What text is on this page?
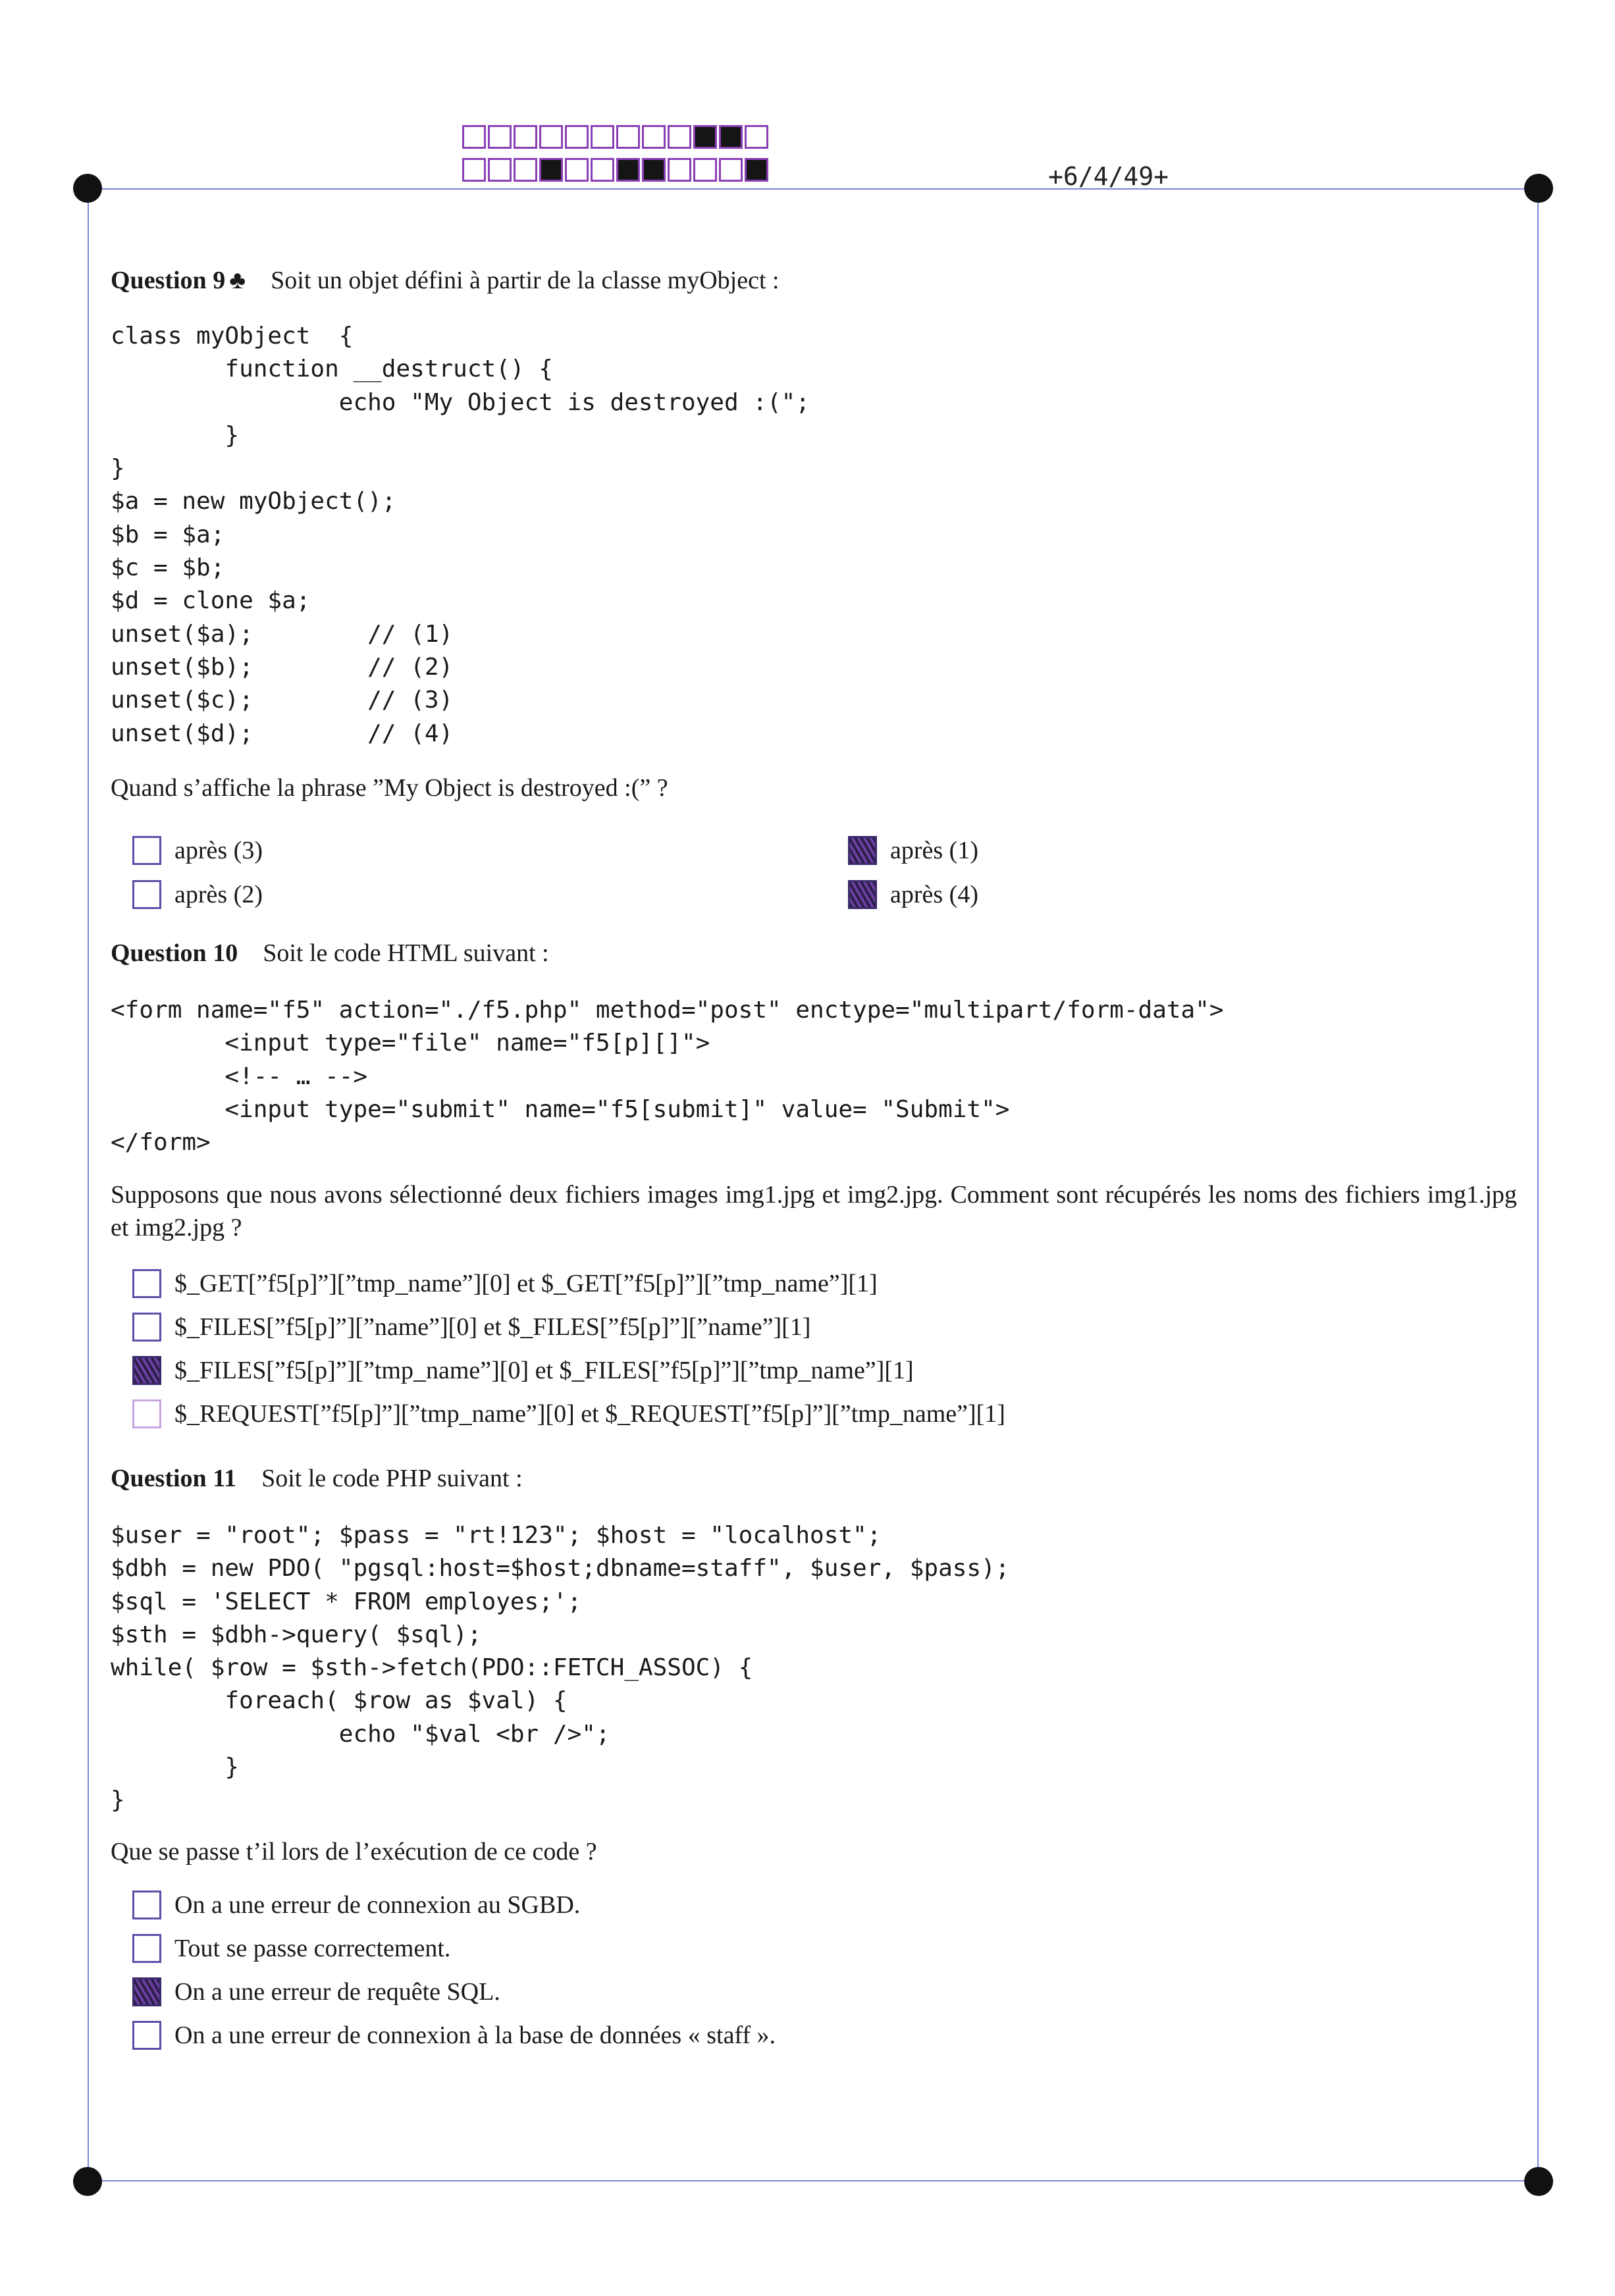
+6/4/49+
Question 9 ♣ Soit un objet défini à partir de la classe myObject :
class myObject  {
function __destruct() {
echo "My Object is destroyed :(";
}
}
$a = new myObject();
$b = $a;
$c = $b;
$d = clone $a;
unset($a);        // (1)
unset($b);        // (2)
unset($c);        // (3)
unset($d);        // (4)
Quand s’affiche la phrase ”My Object is destroyed :(” ?
après (3)
après (2)
après (1)
après (4)
Question 10 Soit le code HTML suivant :
<form name="f5" action="./f5.php" method="post" enctype="multipart/form-data">
<input type="file" name="f5[p][]">
<!-- … -->
<input type="submit" name="f5[submit]" value= "Submit">
</form>
Supposons que nous avons sélectionné deux fichiers images img1.jpg et img2.jpg. Comment sont récupérés les noms des fichiers img1.jpg et img2.jpg ?
$_GET[”f5[p]”][”tmp_name”][0] et $_GET[”f5[p]”][”tmp_name”][1]
$_FILES[”f5[p]”][”name”][0] et $_FILES[”f5[p]”][”name”][1]
$_FILES[”f5[p]”][”tmp_name”][0] et $_FILES[”f5[p]”][”tmp_name”][1]
$_REQUEST[”f5[p]”][”tmp_name”][0] et $_REQUEST[”f5[p]”][”tmp_name”][1]
Question 11 Soit le code PHP suivant :
$user = "root"; $pass = "rt!123"; $host = "localhost";
$dbh = new PDO( "pgsql:host=$host;dbname=staff", $user, $pass);
$sql = 'SELECT * FROM employes;';
$sth = $dbh->query( $sql);
while( $row = $sth->fetch(PDO::FETCH_ASSOC) {
foreach( $row as $val) {
echo "$val <br />";
}
}
Que se passe t’il lors de l’exécution de ce code ?
On a une erreur de connexion au SGBD.
Tout se passe correctement.
On a une erreur de requête SQL.
On a une erreur de connexion à la base de données « staff ».
